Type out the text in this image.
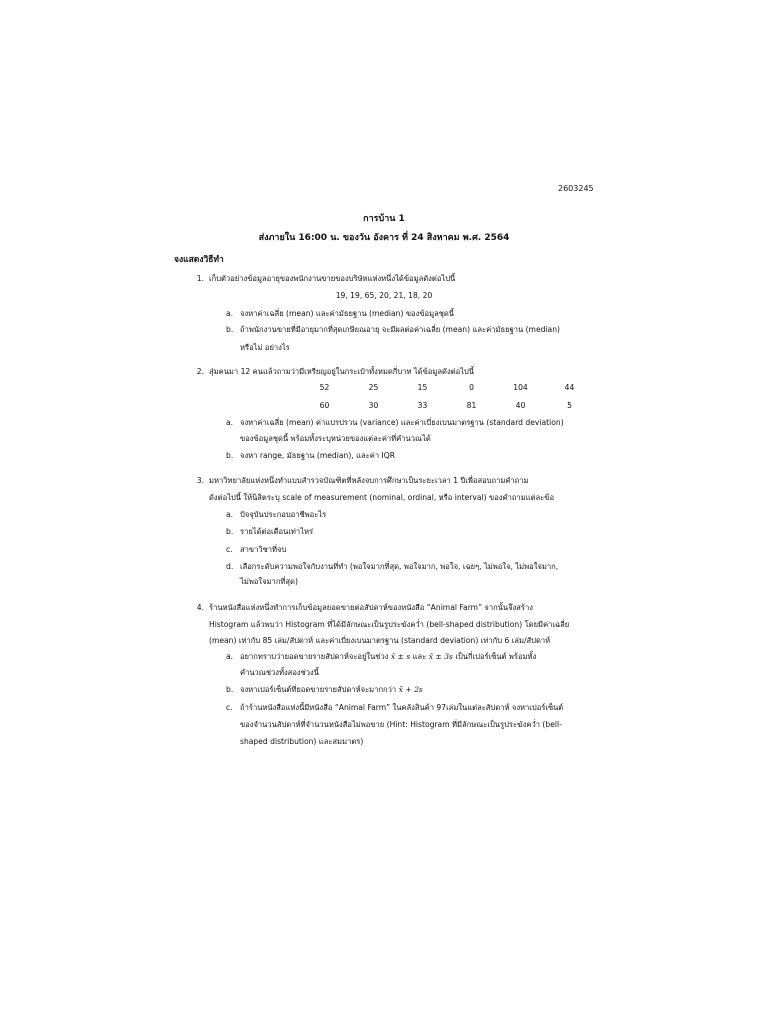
2603245
การบ้าน 1
ส่งภายใน 16:00 น. ของวัน อังคาร ที่ 24 สิงหาคม พ.ศ. 2564
จงแสดงวิธีทำ
1. เก็บตัวอย่างข้อมูลอายุของพนักงานขายของบริษัทแห่งหนึ่งได้ข้อมูลดังต่อไปนี้
19, 19, 65, 20, 21, 18, 20
a. จงหาค่าเฉลี่ย (mean) และค่ามัธยฐาน (median) ของข้อมูลชุดนี้
b. ถ้าพนักงานขายที่มีอายุมากที่สุดเกษียณอายุ จะมีผลต่อค่าเฉลี่ย (mean) และค่ามัธยฐาน (median)
หรือไม่ อย่างไร
2. สุ่มคนมา 12 คนแล้วถามว่ามีเหรียญอยู่ในกระเป๋าทั้งหมดกี่บาท ได้ข้อมูลดังต่อไปนี้
52	25	15	0	104	44
60	30	33	81	40	5
a. จงหาค่าเฉลี่ย (mean) ค่าแปรปรวน (variance) และค่าเบี่ยงเบนมาตรฐาน (standard deviation)
ของข้อมูลชุดนี้ พร้อมทั้งระบุหน่วยของแต่ละค่าที่คำนวณได้
b. จงหา range, มัธยฐาน (median), และค่า IQR
3. มหาวิทยาลัยแห่งหนึ่งทำแบบสำรวจบัณฑิตที่หลังจบการศึกษาเป็นระยะเวลา 1 ปีเพื่อสอบถามคำถาม
ดังต่อไปนี้ ให้นิสิตระบุ scale of measurement (nominal, ordinal, หรือ interval) ของคำถามแต่ละข้อ
a. ปัจจุบันประกอบอาชีพอะไร
b. รายได้ต่อเดือนเท่าไหร่
c. สาขาวิชาที่จบ
d. เลือกระดับความพอใจกับงานที่ทำ (พอใจมากที่สุด, พอใจมาก, พอใจ, เฉยๆ, ไม่พอใจ, ไม่พอใจมาก,
ไม่พอใจมากที่สุด)
4. ร้านหนังสือแห่งหนึ่งทำการเก็บข้อมูลยอดขายต่อสัปดาห์ของหนังสือ “Animal Farm” จากนั้นจึงสร้าง
Histogram แล้วพบว่า Histogram ที่ได้มีลักษณะเป็นรูประฆังคว่ำ (bell-shaped distribution) โดยมีค่าเฉลี่ย
(mean) เท่ากับ 85 เล่ม/สัปดาห์ และค่าเบี่ยงเบนมาตรฐาน (standard deviation) เท่ากับ 6 เล่ม/สัปดาห์
a. อยากทราบว่ายอดขายรายสัปดาห์จะอยู่ในช่วง x̄ ± s และ x̄ ± 3s เป็นกี่เปอร์เซ็นต์ พร้อมทั้ง
คำนวณช่วงทั้งสองช่วงนี้
b. จงหาเปอร์เซ็นต์ที่ยอดขายรายสัปดาห์จะมากกว่า x̄ + 2s
c. ถ้าร้านหนังสือแห่งนี้มีหนังสือ “Animal Farm” ในคลังสินค้า 97เล่มในแต่ละสัปดาห์ จงหาเปอร์เซ็นต์
ของจำนวนสัปดาห์ที่จำนวนหนังสือไม่พอขาย (Hint: Histogram ที่มีลักษณะเป็นรูประฆังคว่ำ (bell-
shaped distribution) และสมมาตร)
